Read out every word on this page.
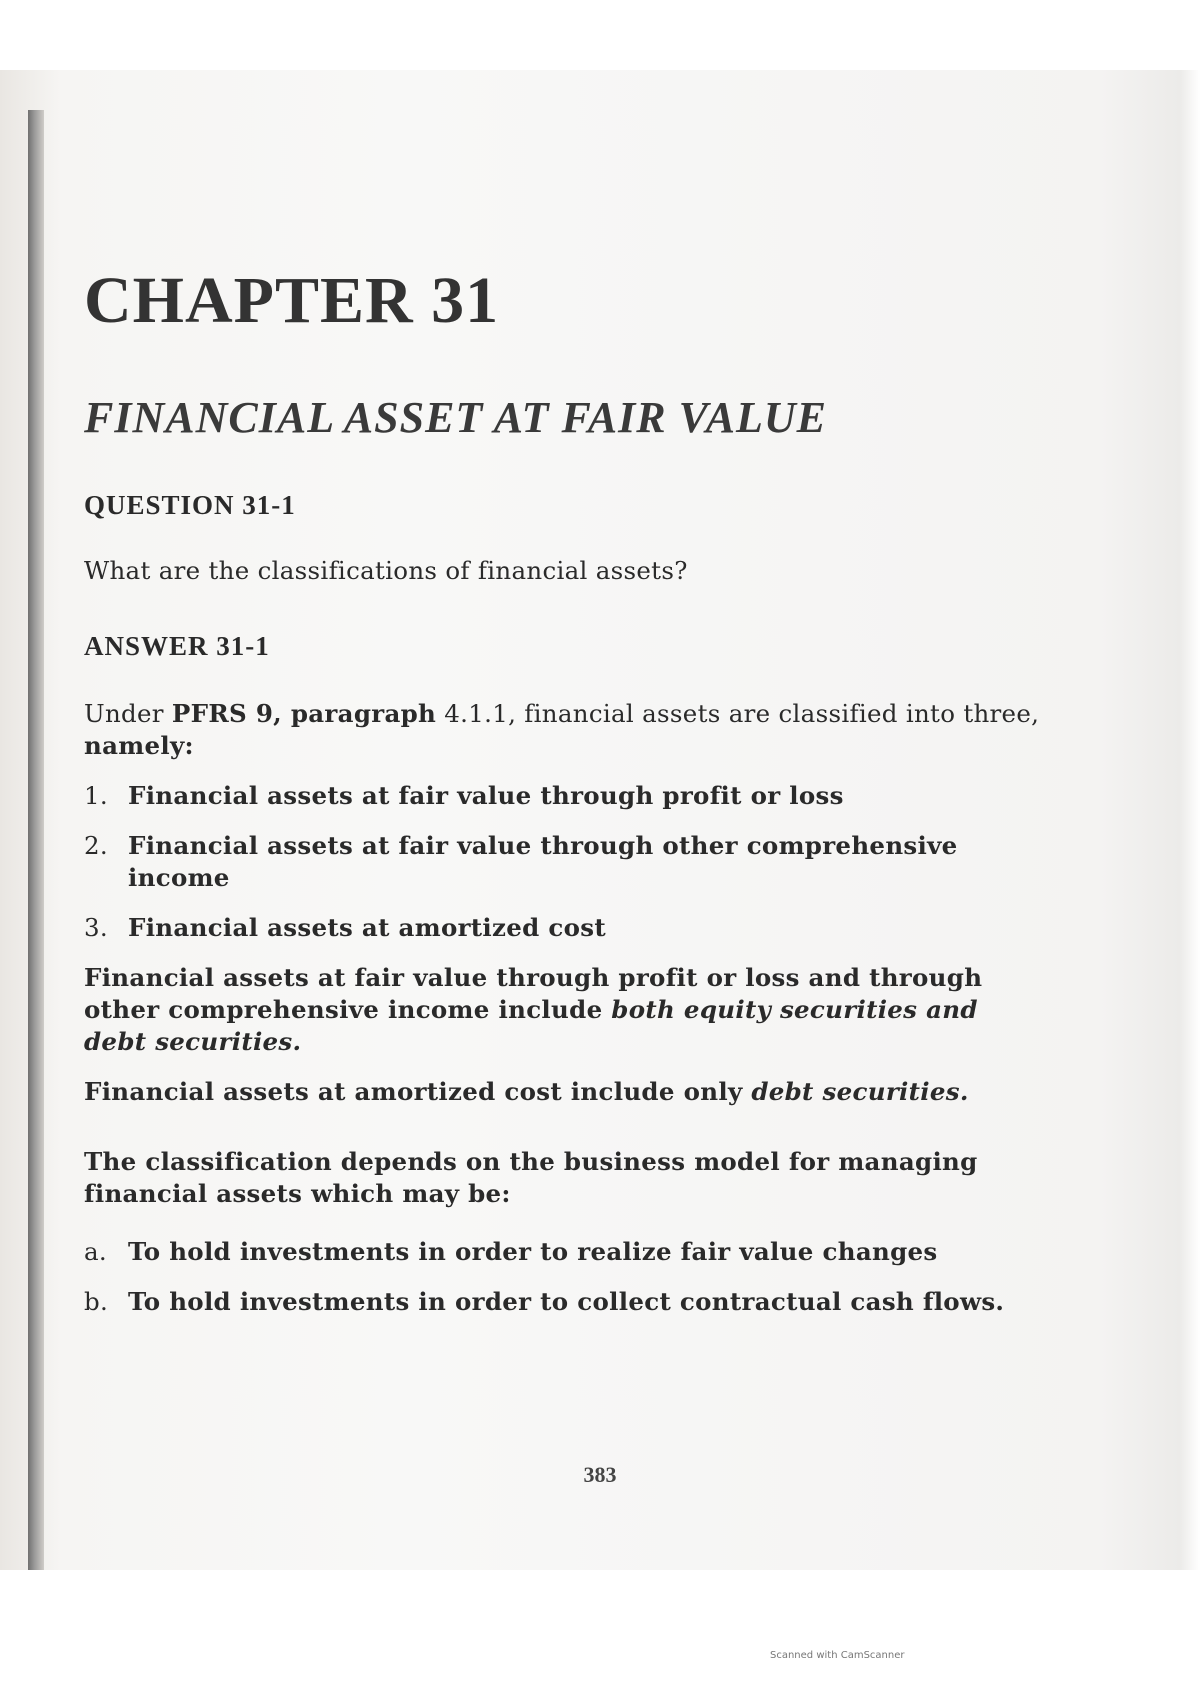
CHAPTER 31
FINANCIAL ASSET AT FAIR VALUE
QUESTION 31-1

What are the classifications of financial assets?

ANSWER 31-1

Under PFRS 9, paragraph 4.1.1, financial assets are classified into three, namely:

1. Financial assets at fair value through profit or loss
2. Financial assets at fair value through other comprehensive income
3. Financial assets at amortized cost

Financial assets at fair value through profit or loss and through other comprehensive income include both equity securities and debt securities.

Financial assets at amortized cost include only debt securities.

The classification depends on the business model for managing financial assets which may be:

a. To hold investments in order to realize fair value changes
b. To hold investments in order to collect contractual cash flows.
383
Scanned with CamScanner
